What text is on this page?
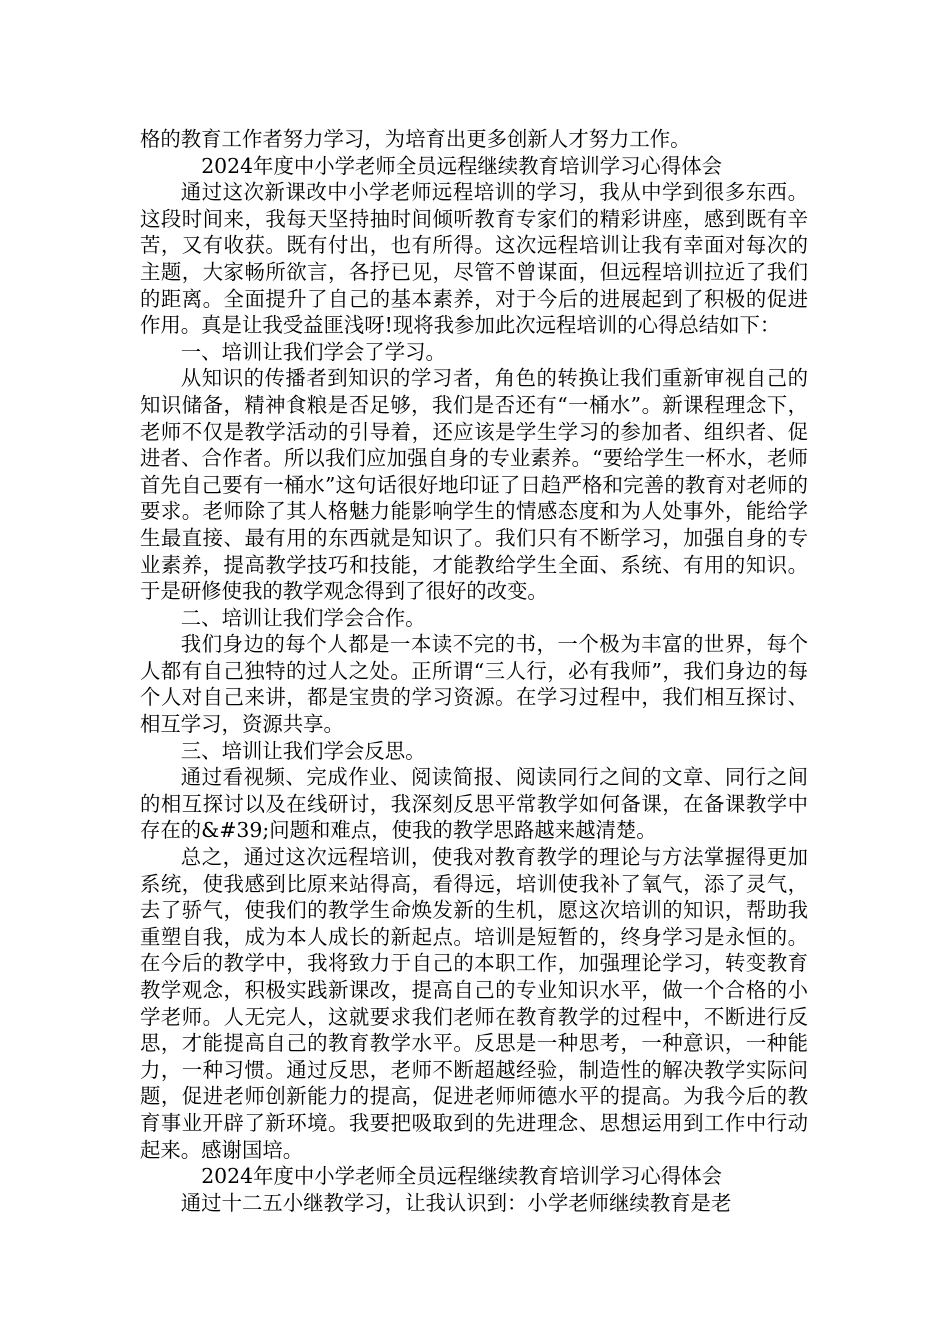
格的教育工作者努力学习，为培育出更多创新人才努力工作。

2024年度中小学老师全员远程继续教育培训学习心得体会

通过这次新课改中小学老师远程培训的学习，我从中学到很多东西。这段时间来，我每天坚持抽时间倾听教育专家们的精彩讲座，感到既有辛苦，又有收获。既有付出，也有所得。这次远程培训让我有幸面对每次的主题，大家畅所欲言，各抒已见，尽管不曾谋面，但远程培训拉近了我们的距离。全面提升了自己的基本素养，对于今后的进展起到了积极的促进作用。真是让我受益匪浅呀!现将我参加此次远程培训的心得总结如下：

一、培训让我们学会了学习。

从知识的传播者到知识的学习者，角色的转换让我们重新审视自己的知识储备，精神食粮是否足够，我们是否还有“一桶水”。新课程理念下，老师不仅是教学活动的引导着，还应该是学生学习的参加者、组织者、促进者、合作者。所以我们应加强自身的专业素养。“要给学生一杯水，老师首先自己要有一桶水”这句话很好地印证了日趋严格和完善的教育对老师的要求。老师除了其人格魅力能影响学生的情感态度和为人处事外，能给学生最直接、最有用的东西就是知识了。我们只有不断学习，加强自身的专业素养，提高教学技巧和技能，才能教给学生全面、系统、有用的知识。于是研修使我的教学观念得到了很好的改变。

二、培训让我们学会合作。

我们身边的每个人都是一本读不完的书，一个极为丰富的世界，每个人都有自己独特的过人之处。正所谓“三人行，必有我师”，我们身边的每个人对自己来讲，都是宝贵的学习资源。在学习过程中，我们相互探讨、相互学习，资源共享。

三、培训让我们学会反思。

通过看视频、完成作业、阅读简报、阅读同行之间的文章、同行之间的相互探讨以及在线研讨，我深刻反思平常教学如何备课，在备课教学中存在的&#39;问题和难点，使我的教学思路越来越清楚。

总之，通过这次远程培训，使我对教育教学的理论与方法掌握得更加系统，使我感到比原来站得高，看得远，培训使我补了氧气，添了灵气，去了骄气，使我们的教学生命焕发新的生机，愿这次培训的知识，帮助我重塑自我，成为本人成长的新起点。培训是短暂的，终身学习是永恒的。在今后的教学中，我将致力于自己的本职工作，加强理论学习，转变教育教学观念，积极实践新课改，提高自己的专业知识水平，做一个合格的小学老师。人无完人，这就要求我们老师在教育教学的过程中，不断进行反思，才能提高自己的教育教学水平。反思是一种思考，一种意识，一种能力，一种习惯。通过反思，老师不断超越经验，制造性的解决教学实际问题，促进老师创新能力的提高，促进老师师德水平的提高。为我今后的教育事业开辟了新环境。我要把吸取到的先进理念、思想运用到工作中行动起来。感谢国培。

2024年度中小学老师全员远程继续教育培训学习心得体会

通过十二五小继教学习，让我认识到：小学老师继续教育是老
